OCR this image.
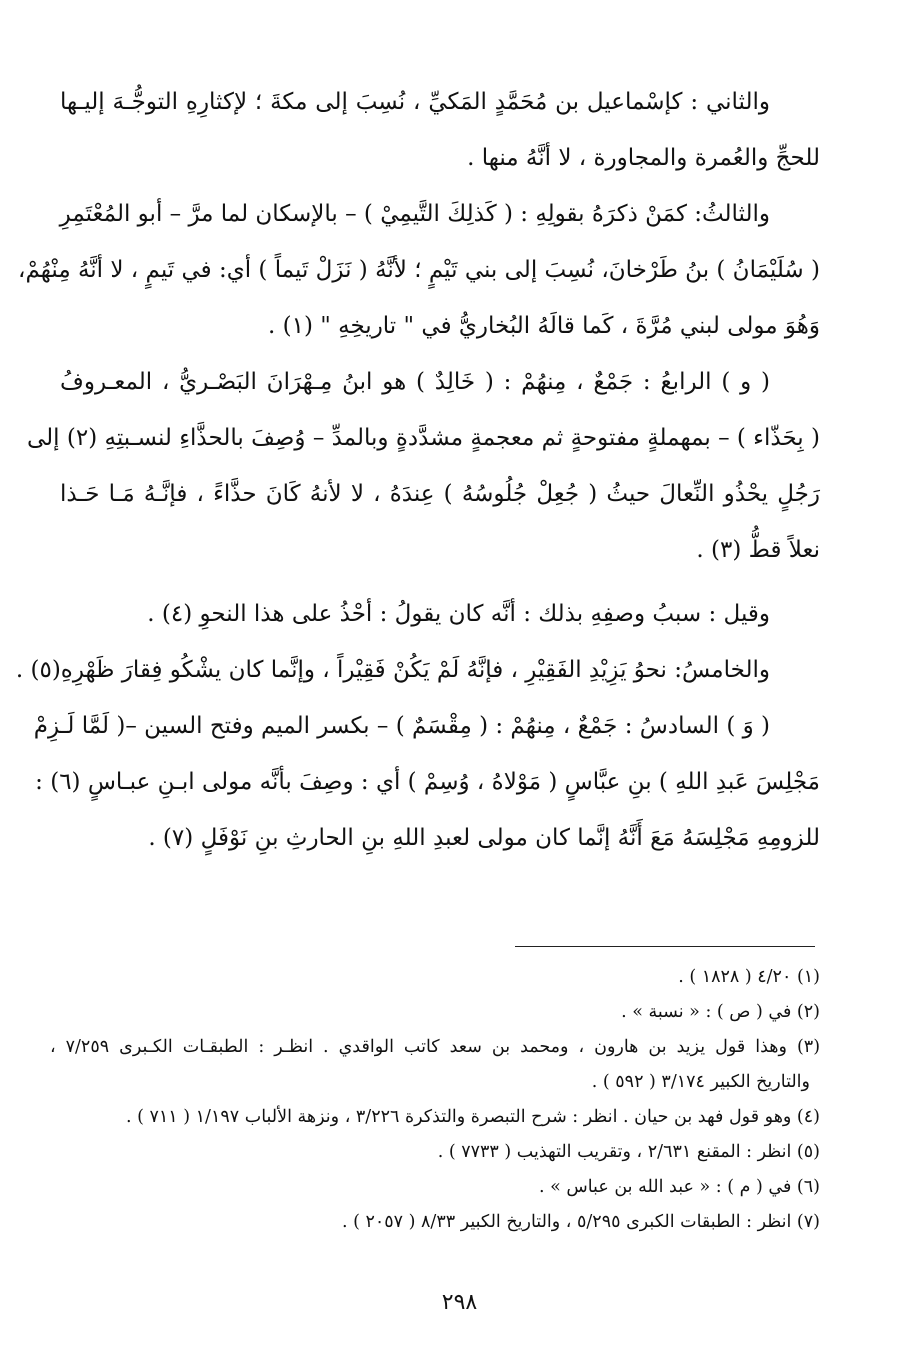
والثاني : كإسْماعيل بن مُحَمَّدٍ المَكيِّ ، نُسِبَ إلى مكةَ ؛ لإكثارِهِ التوجُّـهَ إليـها
للحجِّ والعُمرة والمجاورة ، لا أنَّهُ منها .
والثالثُ: كمَنْ ذكرَهُ بقولِهِ : ( كَذلِكَ التَّيمِيْ ) – بالإسكان لما مرَّ – أبو المُعْتَمِرِ
( سُلَيْمَانُ ) بنُ طَرْخانَ، نُسِبَ إلى بني تَيْمٍ ؛ لأنَّهُ ( نَزَلْ تَيماً ) أي: في تَيمٍ ، لا أنَّهُ مِنْهُمْ،
وَهُوَ مولى لبني مُرَّةَ ، كَما قالَهُ البُخاريُّ في " تاريخِهِ " (١) .
( و ) الرابعُ : جَمْعٌ ، مِنهُمْ : ( خَالِدٌ ) هو ابنُ مِـهْرَانَ البَصْـريُّ ، المعـروفُ
( بِحَذّاء ) – بمهملةٍ مفتوحةٍ ثم معجمةٍ مشدَّدةٍ وبالمدِّ – وُصِفَ بالحذَّاءِ لنسـبتِهِ (٢) إلى
رَجُلٍ يحْذُو النِّعالَ حيثُ ( جُعِلْ جُلُوسُهُ ) عِندَهُ ، لا لأنهُ كَانَ حذَّاءً ، فإنَّـهُ مَـا حَـذا
نعلاً قطُّ (٣) .
وقيل : سببُ وصفِهِ بذلك : أنَّه كان يقولُ : أحْذُ على هذا النحوِ (٤) .
والخامسُ: نحوُ يَزِيْدِ الفَقِيْرِ ، فإنَّهُ لَمْ يَكُنْ فَقِيْراً ، وإنَّما كان يشْكُو فِقارَ ظَهْرِهِ(٥) .
( وَ ) السادسُ : جَمْعٌ ، مِنهُمْ : ( مِقْسَمٌ ) – بكسر الميم وفتح السين –( لَمَّا لَـزِمْ
مَجْلِسَ عَبدِ اللهِ ) بنِ عبَّاسٍ ( مَوْلاهُ ، وُسِمْ ) أي : وصِفَ بأنَّه مولى ابـنِ عبـاسٍ (٦) :
للزومِهِ مَجْلِسَهُ مَعَ أَنَّهُ إنَّما كان مولى لعبدِ اللهِ بنِ الحارثِ بنِ نَوْفَلٍ (٧) .
(١) ٤/٢٠ ( ١٨٢٨ ) .
(٢) في ( ص ) : « نسبة » .
(٣) وهذا قول يزيد بن هارون ، ومحمد بن سعد كاتب الواقدي . انظـر : الطبقـات الكـبرى ٧/٢٥٩ ،
والتاريخ الكبير ٣/١٧٤ ( ٥٩٢ ) .
(٤) وهو قول فهد بن حيان . انظر : شرح التبصرة والتذكرة ٣/٢٢٦ ، ونزهة الألباب ١/١٩٧ ( ٧١١ ) .
(٥) انظر : المقنع ٢/٦٣١ ، وتقريب التهذيب ( ٧٧٣٣ ) .
(٦) في ( م ) : « عبد الله بن عباس » .
(٧) انظر : الطبقات الكبرى ٥/٢٩٥ ، والتاريخ الكبير ٨/٣٣ ( ٢٠٥٧ ) .
٢٩٨
